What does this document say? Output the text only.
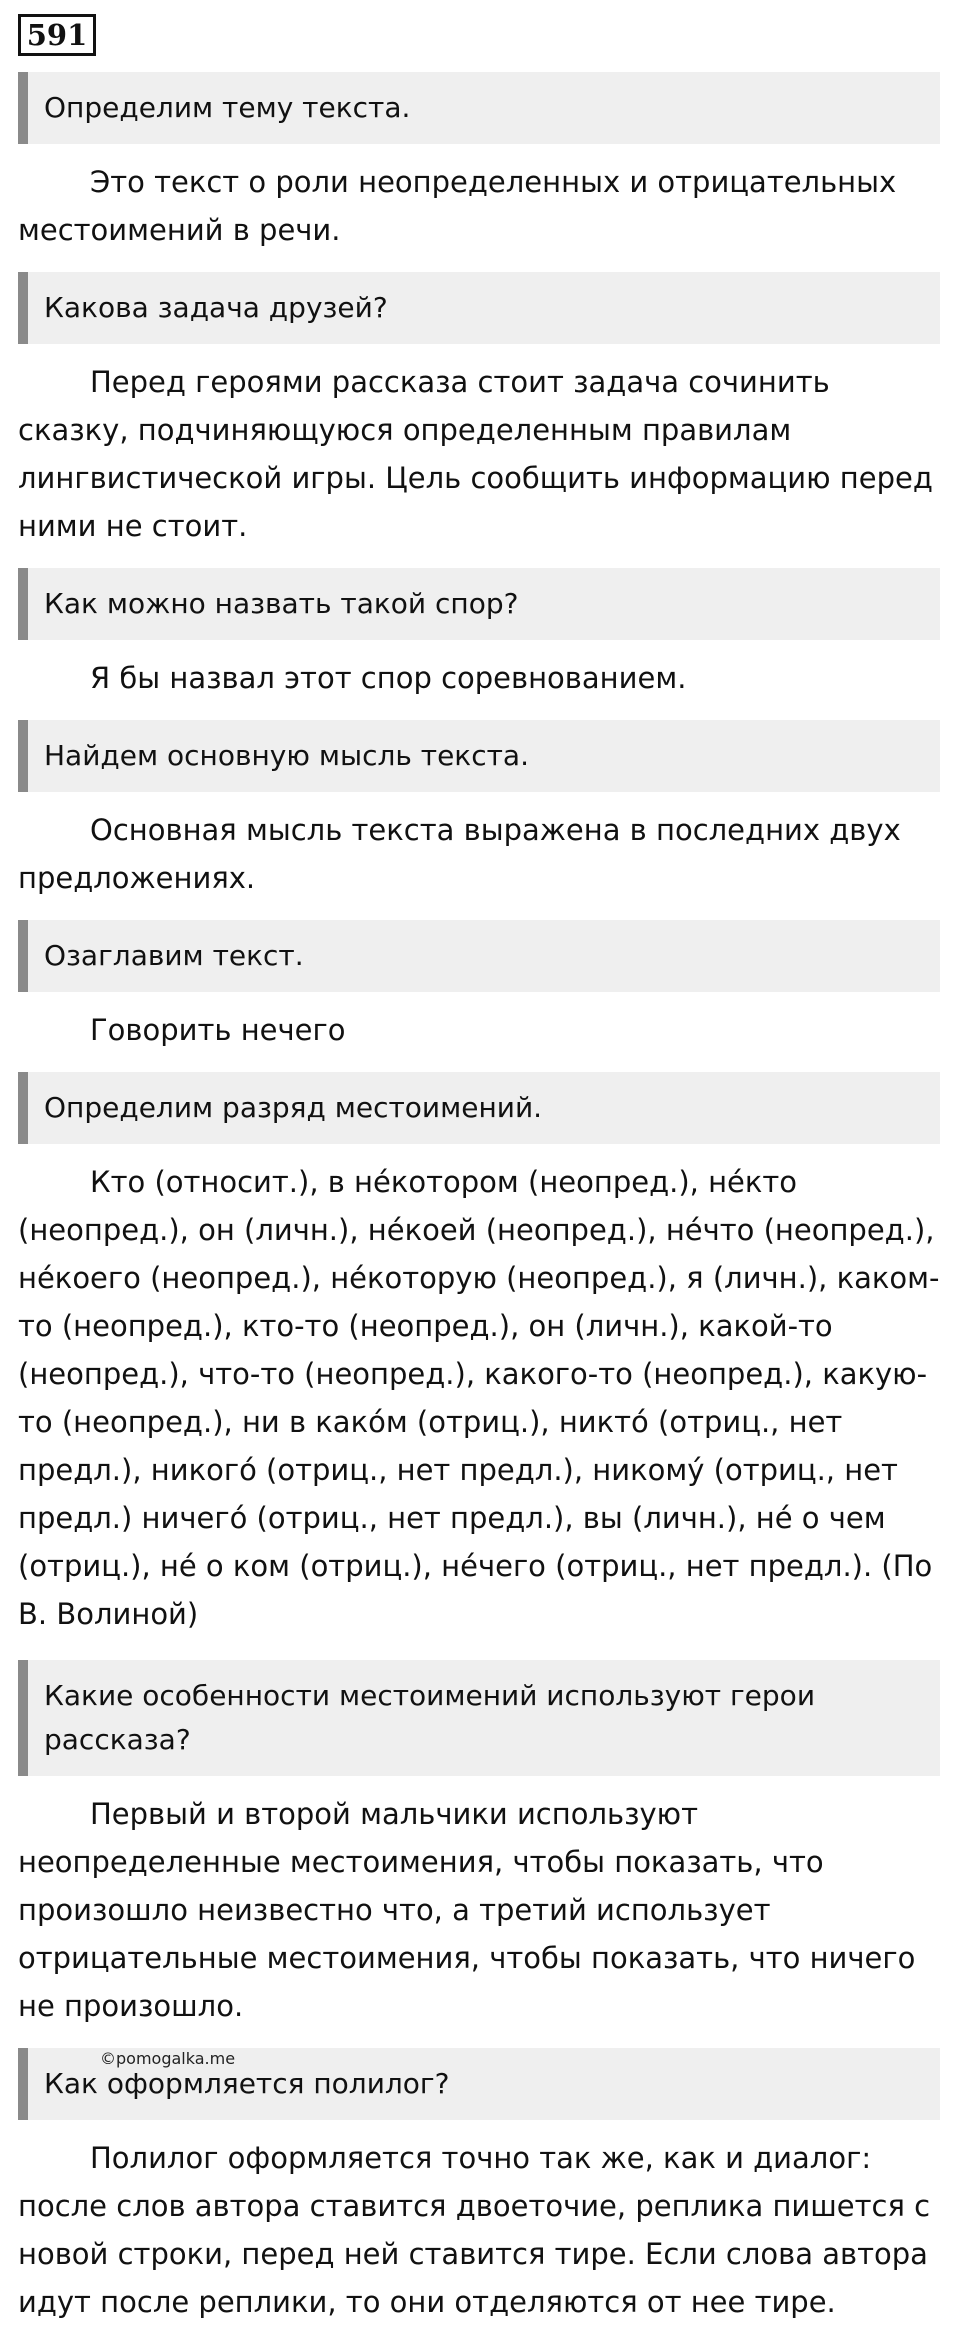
591
Определим тему текста.
Это текст о роли неопределенных и отрицательных местоимений в речи.
Какова задача друзей?
Перед героями рассказа стоит задача сочинить сказку, подчиняющуюся определенным правилам лингвистической игры. Цель сообщить информацию перед ними не стоит.
Как можно назвать такой спор?
Я бы назвал этот спор соревнованием.
Найдем основную мысль текста.
Основная мысль текста выражена в последних двух предложениях.
Озаглавим текст.
Говорить нечего
Определим разряд местоимений.
Кто (относит.), в не́котором (неопред.), не́кто (неопред.), он (личн.), не́коей (неопред.), не́что (неопред.), не́коего (неопред.), не́которую (неопред.), я (личн.), каком-то (неопред.), кто-то (неопред.), он (личн.), какой-то (неопред.), что-то (неопред.), какого-то (неопред.), какую-то (неопред.), ни в како́м (отриц.), никто́ (отриц., нет предл.), никого́ (отриц., нет предл.), никому́ (отриц., нет предл.) ничего́ (отриц., нет предл.), вы (личн.), не́ о чем (отриц.), не́ о ком (отриц.), не́чего (отриц., нет предл.). (По В. Волиной)
Какие особенности местоимений используют герои рассказа?
Первый и второй мальчики используют неопределенные местоимения, чтобы показать, что произошло неизвестно что, а третий использует отрицательные местоимения, чтобы показать, что ничего не произошло.
Как оформляется полилог?
Полилог оформляется точно так же, как и диалог: после слов автора ставится двоеточие, реплика пишется с новой строки, перед ней ставится тире. Если слова автора идут после реплики, то они отделяются от нее тире.
©pomogalka.me
